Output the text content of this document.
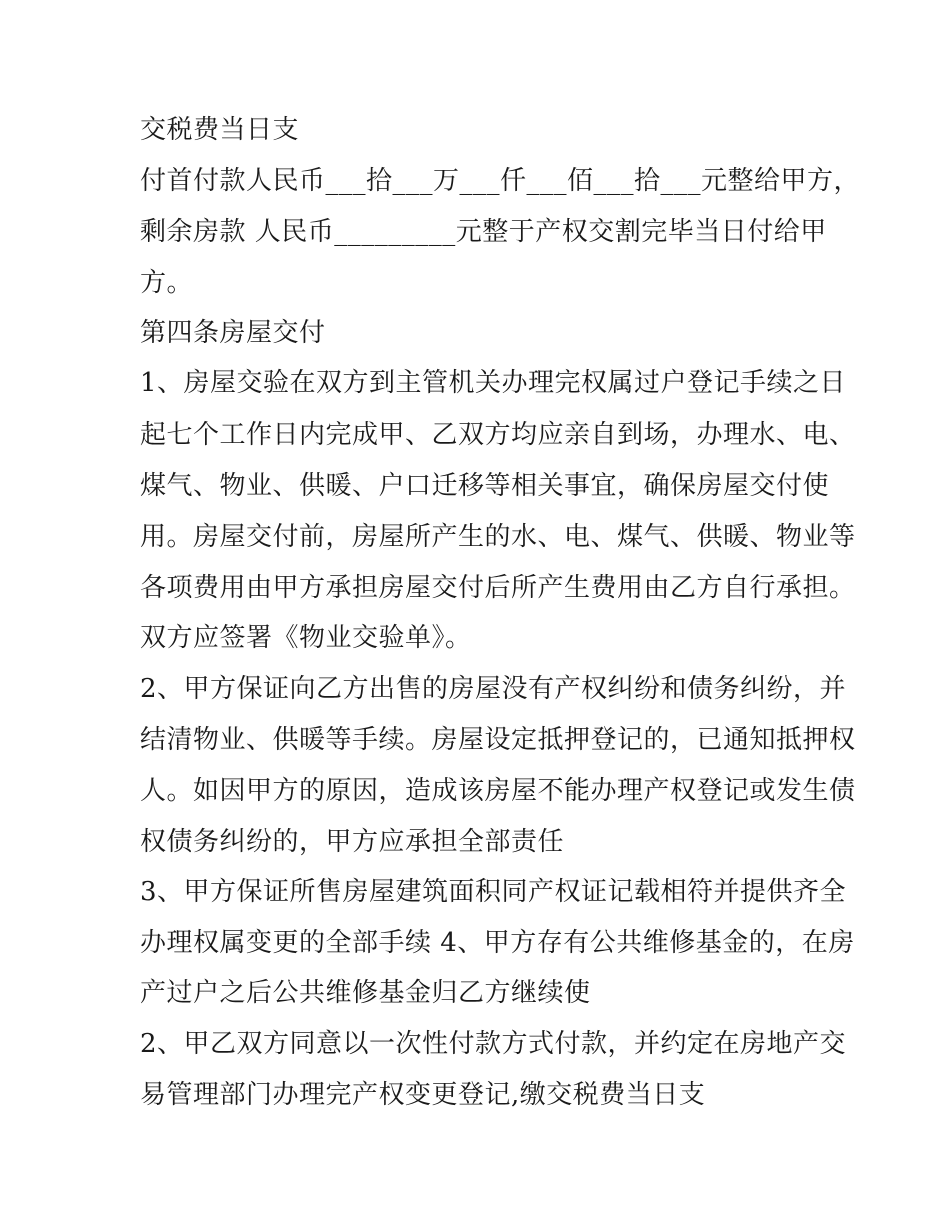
交税费当日支
付首付款人民币___拾___万___仟___佰___拾___元整给甲方，
剩余房款 人民币_________元整于产权交割完毕当日付给甲
方。
第四条房屋交付
1、房屋交验在双方到主管机关办理完权属过户登记手续之日
起七个工作日内完成甲、乙双方均应亲自到场，办理水、电、
煤气、物业、供暖、户口迁移等相关事宜，确保房屋交付使
用。房屋交付前，房屋所产生的水、电、煤气、供暖、物业等
各项费用由甲方承担房屋交付后所产生费用由乙方自行承担。
双方应签署《物业交验单》。
2、甲方保证向乙方出售的房屋没有产权纠纷和债务纠纷，并
结清物业、供暖等手续。房屋设定抵押登记的，已通知抵押权
人。如因甲方的原因，造成该房屋不能办理产权登记或发生债
权债务纠纷的，甲方应承担全部责任
3、甲方保证所售房屋建筑面积同产权证记载相符并提供齐全
办理权属变更的全部手续 4、甲方存有公共维修基金的，在房
产过户之后公共维修基金归乙方继续使
2、甲乙双方同意以一次性付款方式付款，并约定在房地产交
易管理部门办理完产权变更登记,缴交税费当日支
